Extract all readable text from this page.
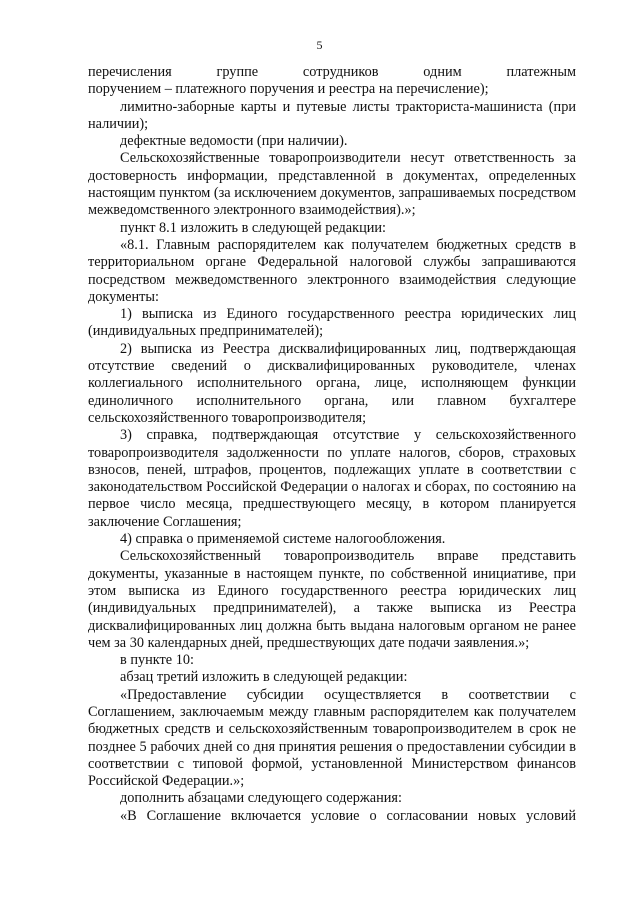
5

перечисления группе сотрудников одним платежным

поручением – платежного поручения и реестра на перечисление);

лимитно-заборные карты и путевые листы тракториста-машиниста (при наличии);

дефектные ведомости (при наличии).

Сельскохозяйственные товаропроизводители несут ответственность за достоверность информации, представленной в документах, определенных настоящим пунктом (за исключением документов, запрашиваемых посредством межведомственного электронного взаимодействия).»;

пункт 8.1 изложить в следующей редакции:

«8.1. Главным распорядителем как получателем бюджетных средств в территориальном органе Федеральной налоговой службы запрашиваются посредством межведомственного электронного взаимодействия следующие документы:

1) выписка из Единого государственного реестра юридических лиц (индивидуальных предпринимателей);

2) выписка из Реестра дисквалифицированных лиц, подтверждающая отсутствие сведений о дисквалифицированных руководителе, членах коллегиального исполнительного органа, лице, исполняющем функции единоличного исполнительного органа, или главном бухгалтере сельскохозяйственного товаропроизводителя;

3) справка, подтверждающая отсутствие у сельскохозяйственного товаропроизводителя задолженности по уплате налогов, сборов, страховых взносов, пеней, штрафов, процентов, подлежащих уплате в соответствии с законодательством Российской Федерации о налогах и сборах, по состоянию на первое число месяца, предшествующего месяцу, в котором планируется заключение Соглашения;

4) справка о применяемой системе налогообложения.

Сельскохозяйственный товаропроизводитель вправе представить документы, указанные в настоящем пункте, по собственной инициативе, при этом выписка из Единого государственного реестра юридических лиц (индивидуальных предпринимателей), а также выписка из Реестра дисквалифицированных лиц должна быть выдана налоговым органом не ранее чем за 30 календарных дней, предшествующих дате подачи заявления.»;

в пункте 10:

абзац третий изложить в следующей редакции:

«Предоставление субсидии осуществляется в соответствии с Соглашением, заключаемым между главным распорядителем как получателем бюджетных средств и сельскохозяйственным товаропроизводителем в срок не позднее 5 рабочих дней со дня принятия решения о предоставлении субсидии в соответствии с типовой формой, установленной Министерством финансов Российской Федерации.»;

дополнить абзацами следующего содержания:

«В Соглашение включается условие о согласовании новых условий
